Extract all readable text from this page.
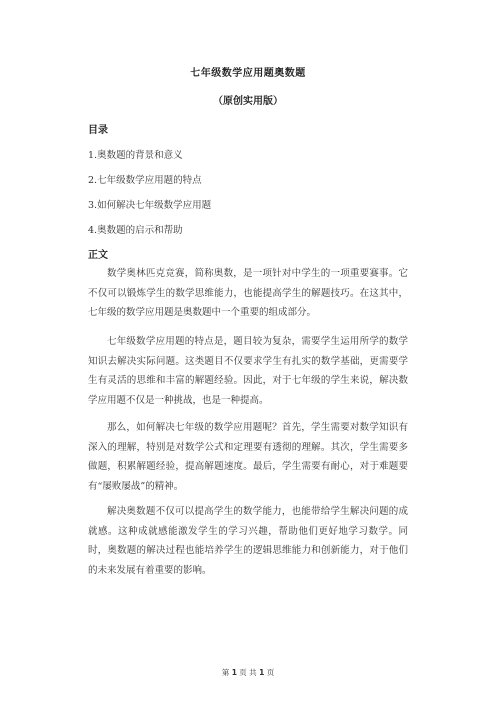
七年级数学应用题奥数题
（原创实用版）
目录
1.奥数题的背景和意义
2.七年级数学应用题的特点
3.如何解决七年级数学应用题
4.奥数题的启示和帮助
正文

数学奥林匹克竞赛，简称奥数，是一项针对中学生的一项重要赛事。它不仅可以锻炼学生的数学思维能力，也能提高学生的解题技巧。在这其中，七年级的数学应用题是奥数题中一个重要的组成部分。

七年级数学应用题的特点是，题目较为复杂，需要学生运用所学的数学知识去解决实际问题。这类题目不仅要求学生有扎实的数学基础，更需要学生有灵活的思维和丰富的解题经验。因此，对于七年级的学生来说，解决数学应用题不仅是一种挑战，也是一种提高。

那么，如何解决七年级的数学应用题呢？首先，学生需要对数学知识有深入的理解，特别是对数学公式和定理要有透彻的理解。其次，学生需要多做题，积累解题经验，提高解题速度。最后，学生需要有耐心，对于难题要有“屡败屡战”的精神。

解决奥数题不仅可以提高学生的数学能力，也能带给学生解决问题的成就感。这种成就感能激发学生的学习兴趣，帮助他们更好地学习数学。同时，奥数题的解决过程也能培养学生的逻辑思维能力和创新能力，对于他们的未来发展有着重要的影响。

第 1 页 共 1 页
